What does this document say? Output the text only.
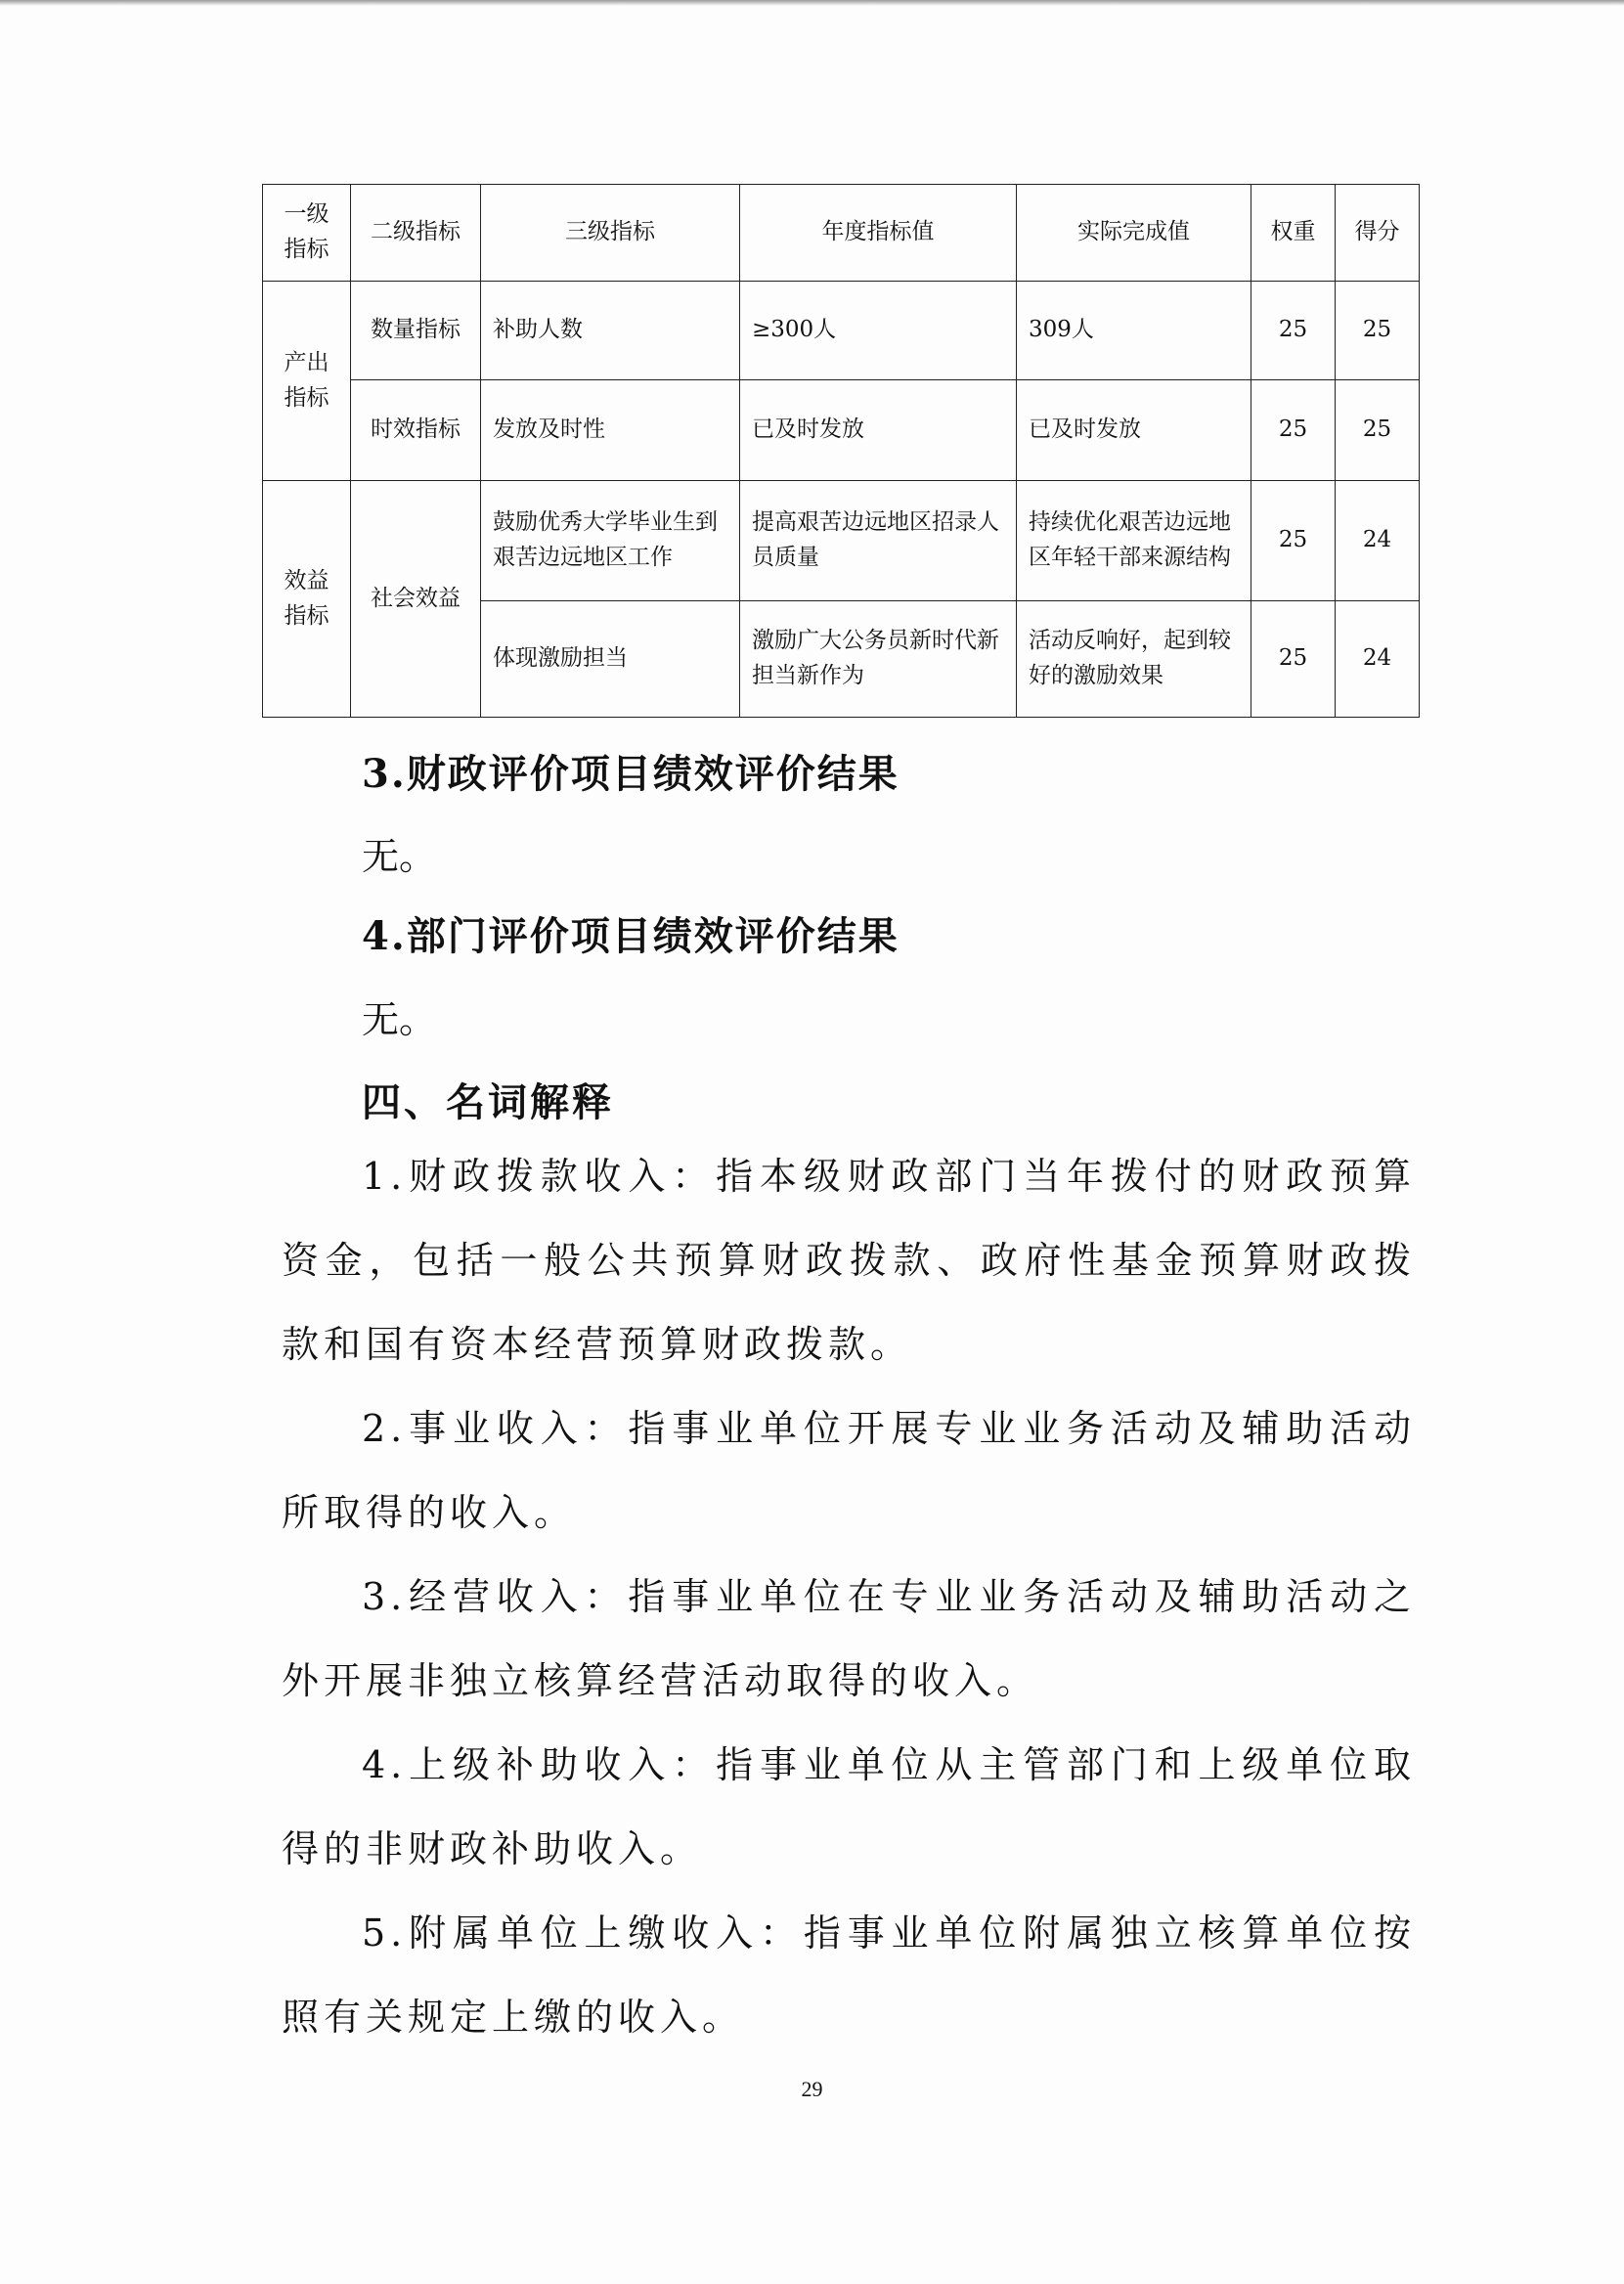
一级指标	二级指标	三级指标	年度指标值	实际完成值	权重	得分
产出指标	数量指标	补助人数	≥300人	309人	25	25
	时效指标	发放及时性	已及时发放	已及时发放	25	25
效益指标	社会效益	鼓励优秀大学毕业生到艰苦边远地区工作	提高艰苦边远地区招录人员质量	持续优化艰苦边远地区年轻干部来源结构	25	24
		体现激励担当	激励广大公务员新时代新担当新作为	活动反响好，起到较好的激励效果	25	24
3.财政评价项目绩效评价结果
无。
4.部门评价项目绩效评价结果
无。
四、名词解释
1.财政拨款收入：指本级财政部门当年拨付的财政预算资金，包括一般公共预算财政拨款、政府性基金预算财政拨款和国有资本经营预算财政拨款。
2.事业收入：指事业单位开展专业业务活动及辅助活动所取得的收入。
3.经营收入：指事业单位在专业业务活动及辅助活动之外开展非独立核算经营活动取得的收入。
4.上级补助收入：指事业单位从主管部门和上级单位取得的非财政补助收入。
5.附属单位上缴收入：指事业单位附属独立核算单位按照有关规定上缴的收入。
29
